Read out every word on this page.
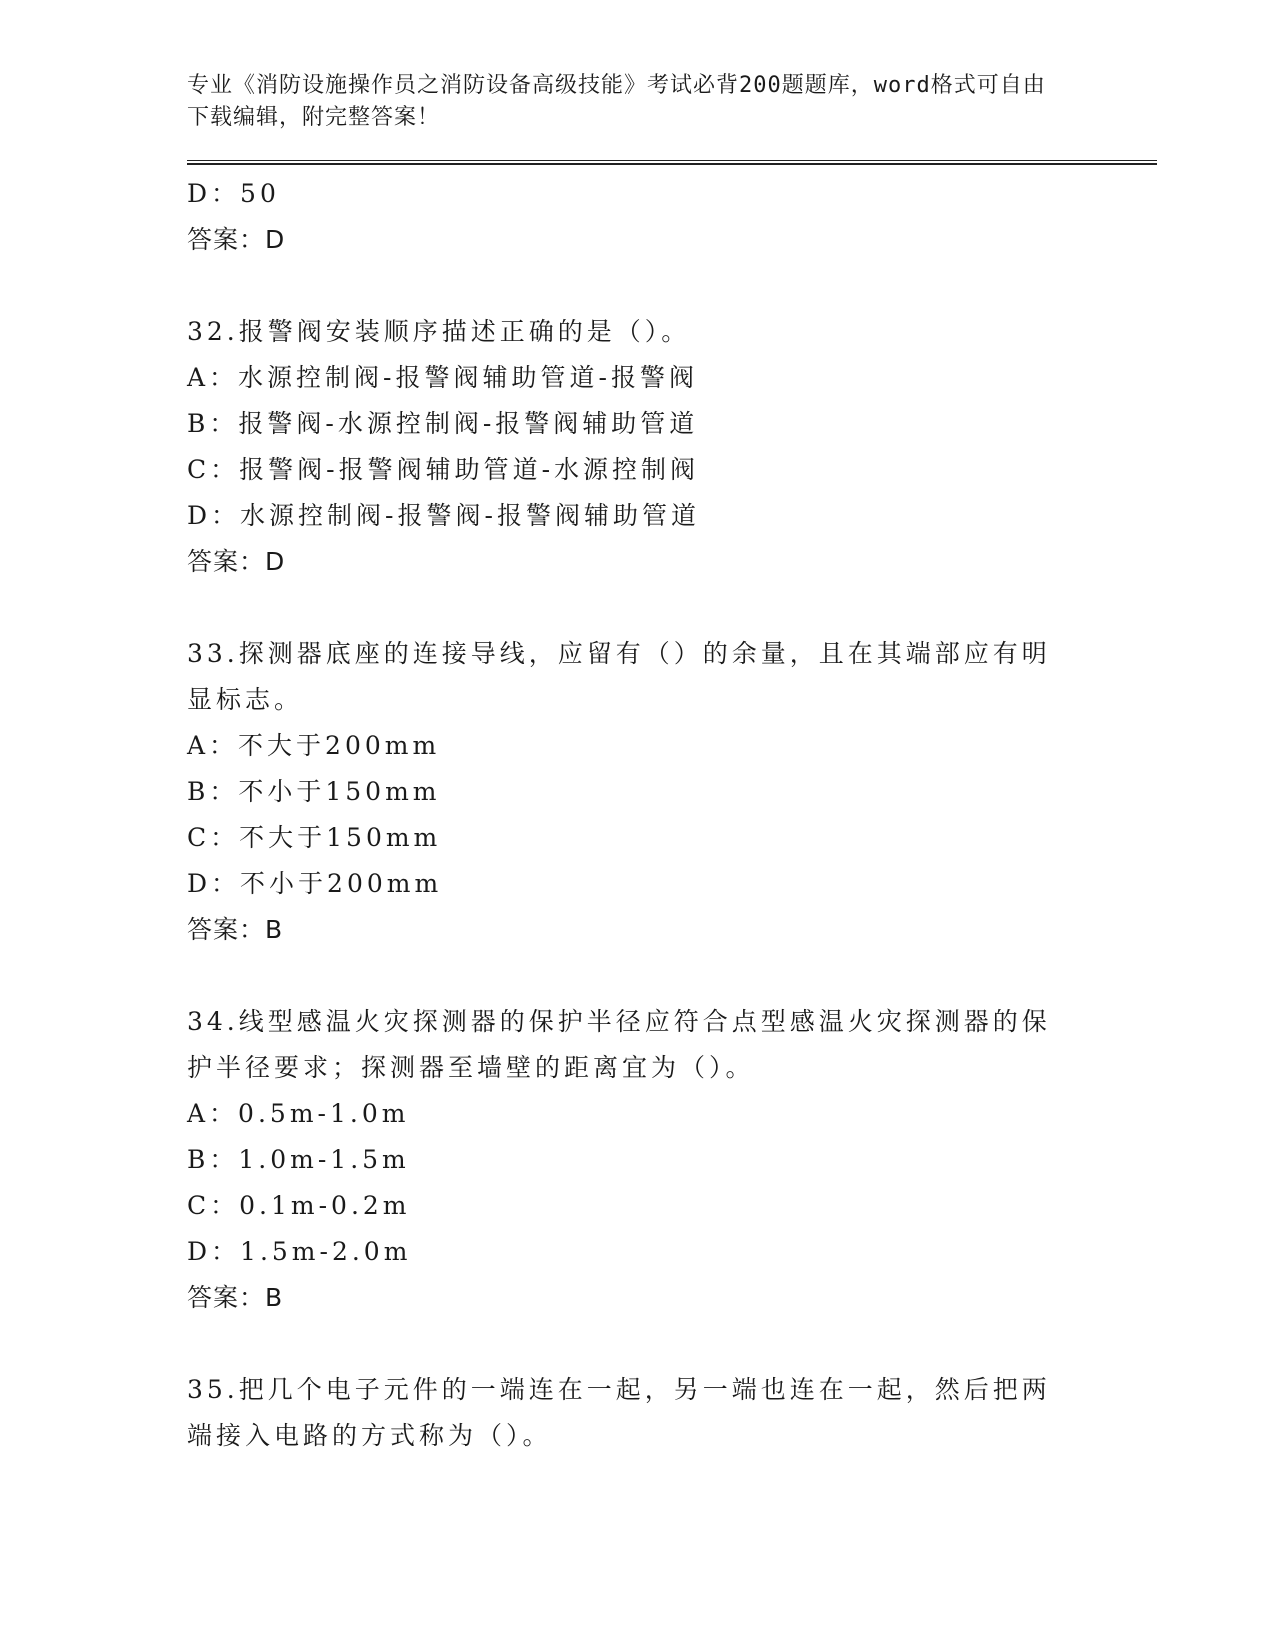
专业《消防设施操作员之消防设备高级技能》考试必背200题题库，word格式可自由下载编辑，附完整答案！
D：50
答案：D
32.报警阀安装顺序描述正确的是（）。
A：水源控制阀-报警阀辅助管道-报警阀
B：报警阀-水源控制阀-报警阀辅助管道
C：报警阀-报警阀辅助管道-水源控制阀
D：水源控制阀-报警阀-报警阀辅助管道
答案：D
33.探测器底座的连接导线，应留有（）的余量，且在其端部应有明显标志。
A：不大于200mm
B：不小于150mm
C：不大于150mm
D：不小于200mm
答案：B
34.线型感温火灾探测器的保护半径应符合点型感温火灾探测器的保护半径要求；探测器至墙壁的距离宜为（）。
A：0.5m-1.0m
B：1.0m-1.5m
C：0.1m-0.2m
D：1.5m-2.0m
答案：B
35.把几个电子元件的一端连在一起，另一端也连在一起，然后把两端接入电路的方式称为（）。
